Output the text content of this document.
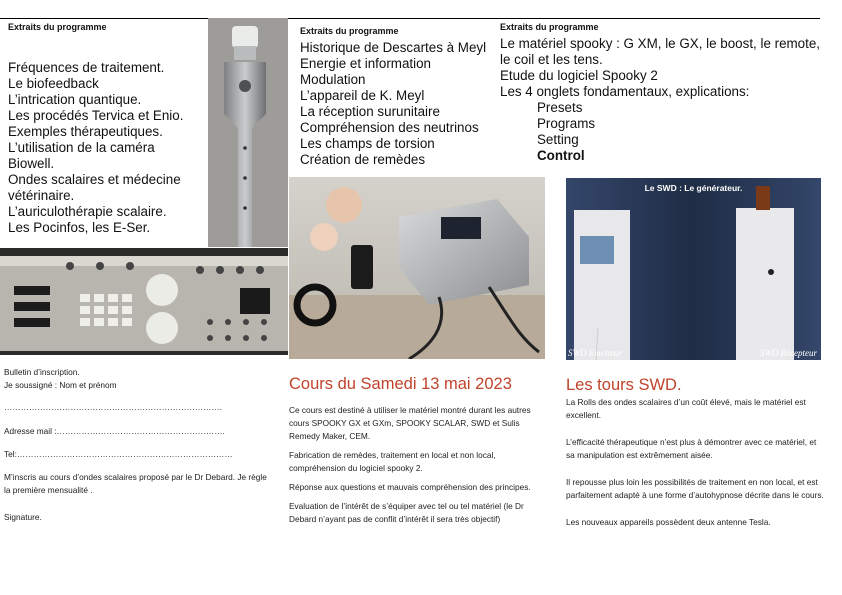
Extraits du programme
Fréquences de traitement.
Le biofeedback
L’intrication quantique.
Les procédés Tervica et Enio.
Exemples thérapeutiques.
L’utilisation de la caméra
Biowell.
Ondes scalaires et médecine
vétérinaire.
L’auriculothérapie scalaire.
Les Pocinfos, les E-Ser.
Extraits du programme
Historique de Descartes à Meyl
Energie et information
Modulation
L’appareil de K. Meyl
La réception surunitaire
Compréhension des neutrinos
Les champs de torsion
Création de remèdes
Extraits du programme
Le matériel spooky : G XM, le GX, le boost, le remote,
le coil et les tens.
Etude du logiciel Spooky 2
Les 4 onglets fondamentaux, explications:
Presets
Programs
Setting
Control
Le SWD : Le générateur.
SWD Emetteur	SWD Récepteur
Bulletin d’inscription.
Je soussigné : Nom et prénom
…………………………………………………………………….
Adresse mail :…………………………………………………….
Tel:……………………………………………………………………
M’inscris au cours d’ondes scalaires proposé par le Dr Debard. Je règle la première mensualité .
Signature.
Cours du Samedi 13 mai 2023

Ce cours est destiné à utiliser le matériel montré durant les autres cours SPOOKY GX et GXm, SPOOKY SCALAR, SWD et Sulis Remedy Maker, CEM.

Fabrication de remèdes, traitement en local et non local, compréhension du logiciel spooky 2.

Réponse aux questions et mauvais compréhension des principes.

Evaluation de l’intérêt de s’équiper avec tel ou tel matériel (le Dr Debard n’ayant pas de conflit d’intérêt il sera très objectif)

Les tours SWD.

La Rolls des ondes scalaires d’un coût élevé, mais le matériel est excellent.

L’efficacité thérapeutique n’est plus à démontrer avec ce matériel, et sa manipulation est extrêmement aisée.

Il repousse plus loin les possibilités de traitement en non local, et est parfaitement adapté à une forme d’autohypnose décrite dans le cours.

Les nouveaux appareils possèdent deux antenne Tesla.
